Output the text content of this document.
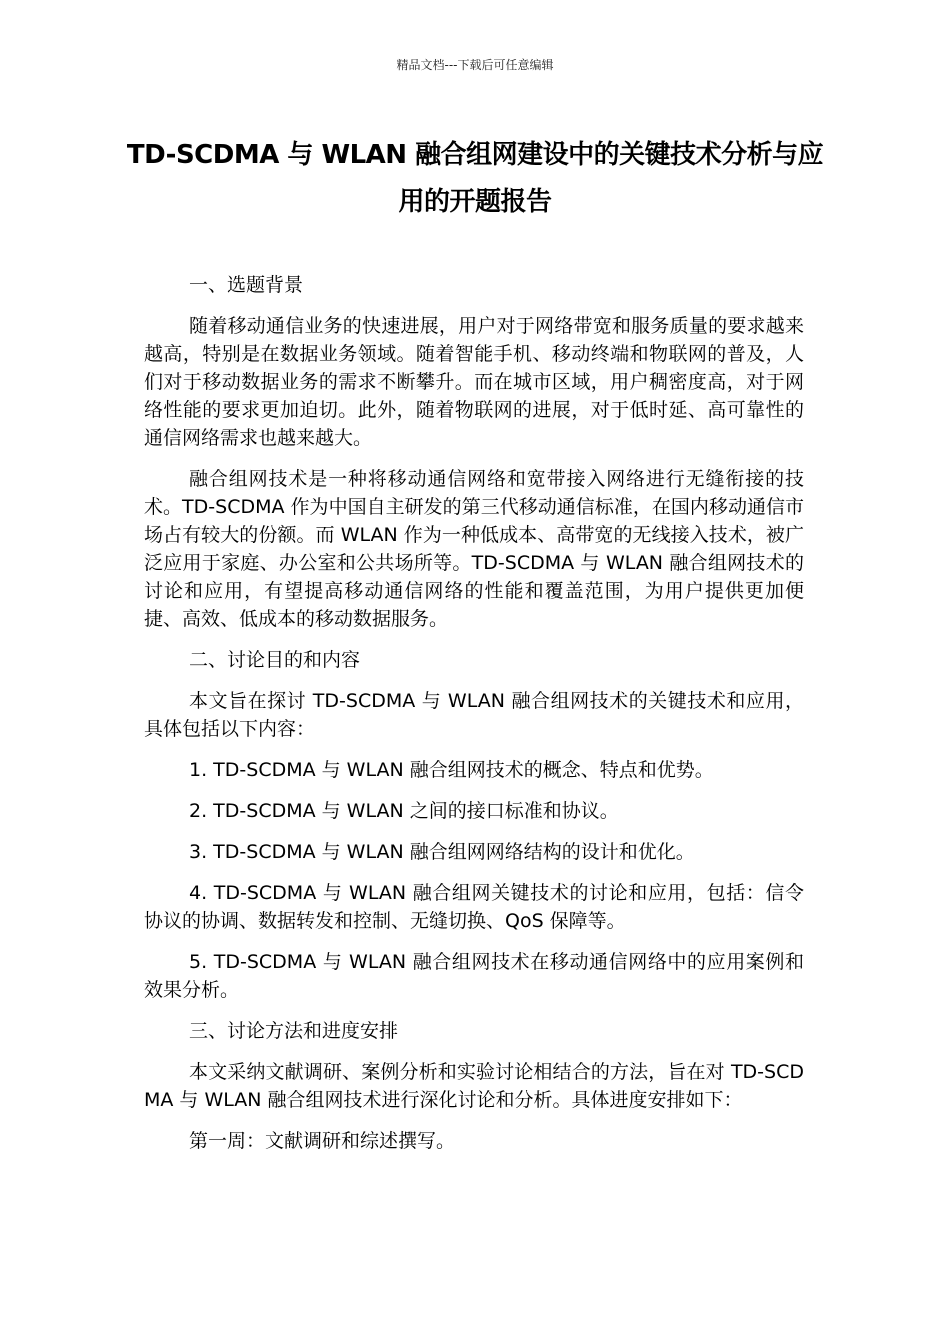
精品文档---下载后可任意编辑
TD-SCDMA 与 WLAN 融合组网建设中的关键技术分析与应用的开题报告

一、选题背景

随着移动通信业务的快速进展，用户对于网络带宽和服务质量的要求越来越高，特别是在数据业务领域。随着智能手机、移动终端和物联网的普及，人们对于移动数据业务的需求不断攀升。而在城市区域，用户稠密度高，对于网络性能的要求更加迫切。此外，随着物联网的进展，对于低时延、高可靠性的通信网络需求也越来越大。

融合组网技术是一种将移动通信网络和宽带接入网络进行无缝衔接的技术。TD-SCDMA 作为中国自主研发的第三代移动通信标准，在国内移动通信市场占有较大的份额。而 WLAN 作为一种低成本、高带宽的无线接入技术，被广泛应用于家庭、办公室和公共场所等。TD-SCDMA 与 WLAN 融合组网技术的讨论和应用，有望提高移动通信网络的性能和覆盖范围，为用户提供更加便捷、高效、低成本的移动数据服务。

二、讨论目的和内容

本文旨在探讨 TD-SCDMA 与 WLAN 融合组网技术的关键技术和应用，具体包括以下内容：

1. TD-SCDMA 与 WLAN 融合组网技术的概念、特点和优势。

2. TD-SCDMA 与 WLAN 之间的接口标准和协议。

3. TD-SCDMA 与 WLAN 融合组网网络结构的设计和优化。

4. TD-SCDMA 与 WLAN 融合组网关键技术的讨论和应用，包括：信令协议的协调、数据转发和控制、无缝切换、QoS 保障等。

5. TD-SCDMA 与 WLAN 融合组网技术在移动通信网络中的应用案例和效果分析。

三、讨论方法和进度安排

本文采纳文献调研、案例分析和实验讨论相结合的方法，旨在对 TD-SCDMA 与 WLAN 融合组网技术进行深化讨论和分析。具体进度安排如下：

第一周：文献调研和综述撰写。
